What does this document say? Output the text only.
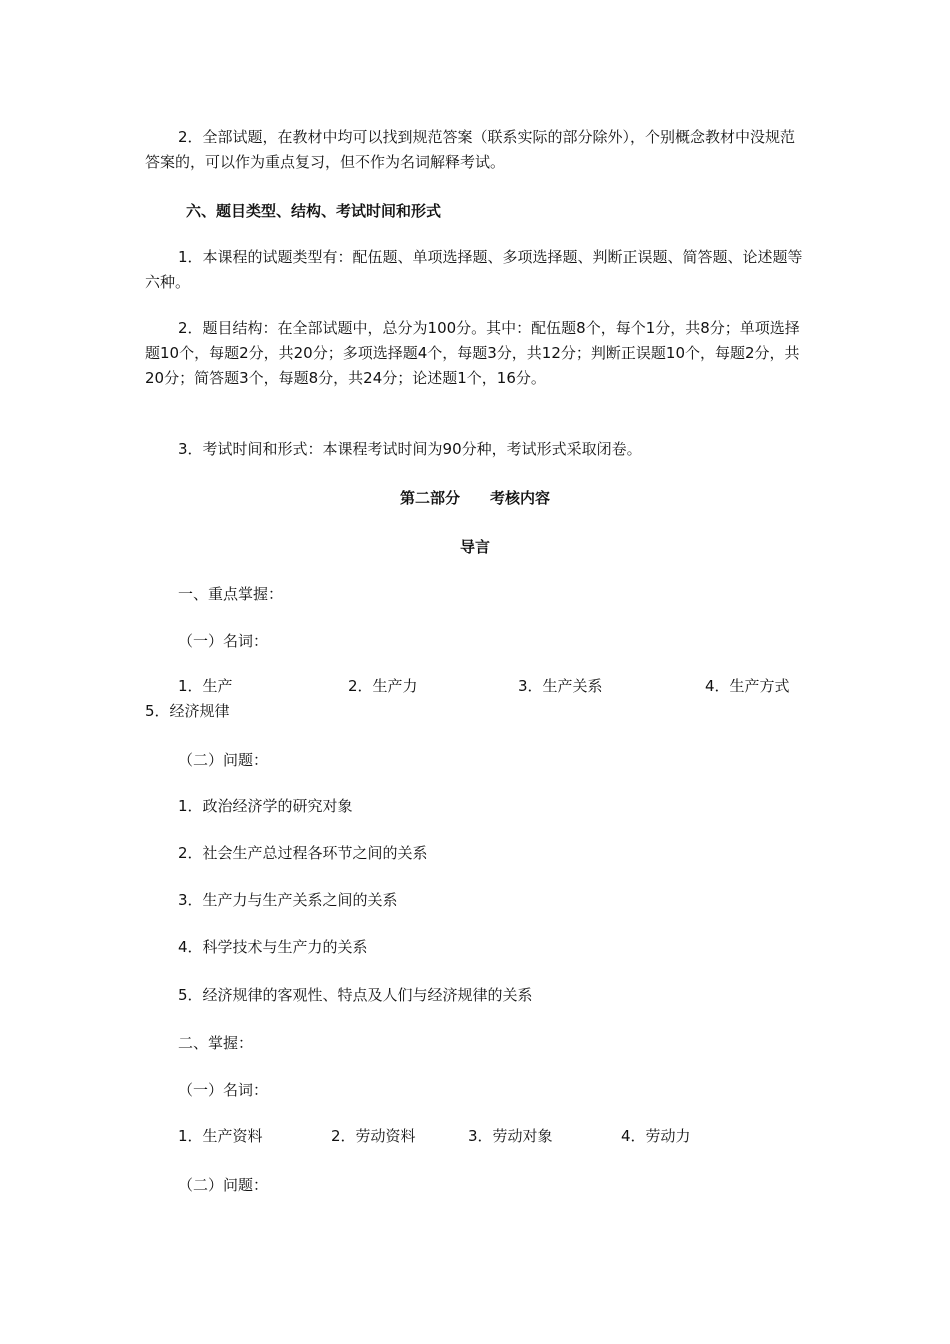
2．全部试题，在教材中均可以找到规范答案（联系实际的部分除外），个别概念教材中没规范答案的，可以作为重点复习，但不作为名词解释考试。

六、题目类型、结构、考试时间和形式

1．本课程的试题类型有：配伍题、单项选择题、多项选择题、判断正误题、简答题、论述题等六种。

2．题目结构：在全部试题中，总分为100分。其中：配伍题8个，每个1分，共8分；单项选择题10个，每题2分，共20分；多项选择题4个，每题3分，共12分；判断正误题10个，每题2分，共20分；简答题3个，每题8分，共24分；论述题1个，16分。

3．考试时间和形式：本课程考试时间为90分种，考试形式采取闭卷。

第二部分　　考核内容

导言

一、重点掌握：

（一）名词：

1．生产	2．生产力	3．生产关系	4．生产方式
5．经济规律

（二）问题：

1．政治经济学的研究对象

2．社会生产总过程各环节之间的关系

3．生产力与生产关系之间的关系

4．科学技术与生产力的关系

5．经济规律的客观性、特点及人们与经济规律的关系

二、掌握：

（一）名词：

1．生产资料	2．劳动资料	3．劳动对象	4．劳动力

（二）问题：
